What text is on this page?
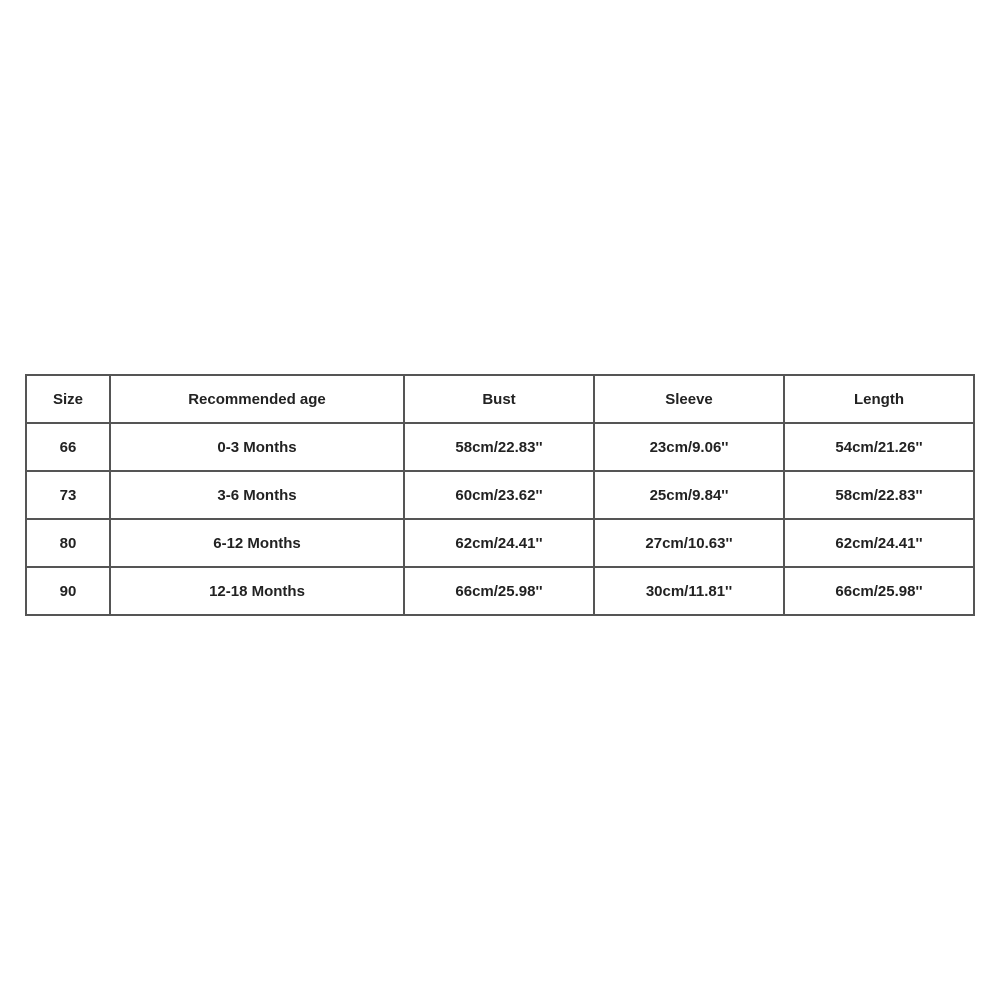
Size	Recommended age	Bust	Sleeve	Length
66	0-3 Months	58cm/22.83''	23cm/9.06''	54cm/21.26''
73	3-6 Months	60cm/23.62''	25cm/9.84''	58cm/22.83''
80	6-12 Months	62cm/24.41''	27cm/10.63''	62cm/24.41''
90	12-18 Months	66cm/25.98''	30cm/11.81''	66cm/25.98''
